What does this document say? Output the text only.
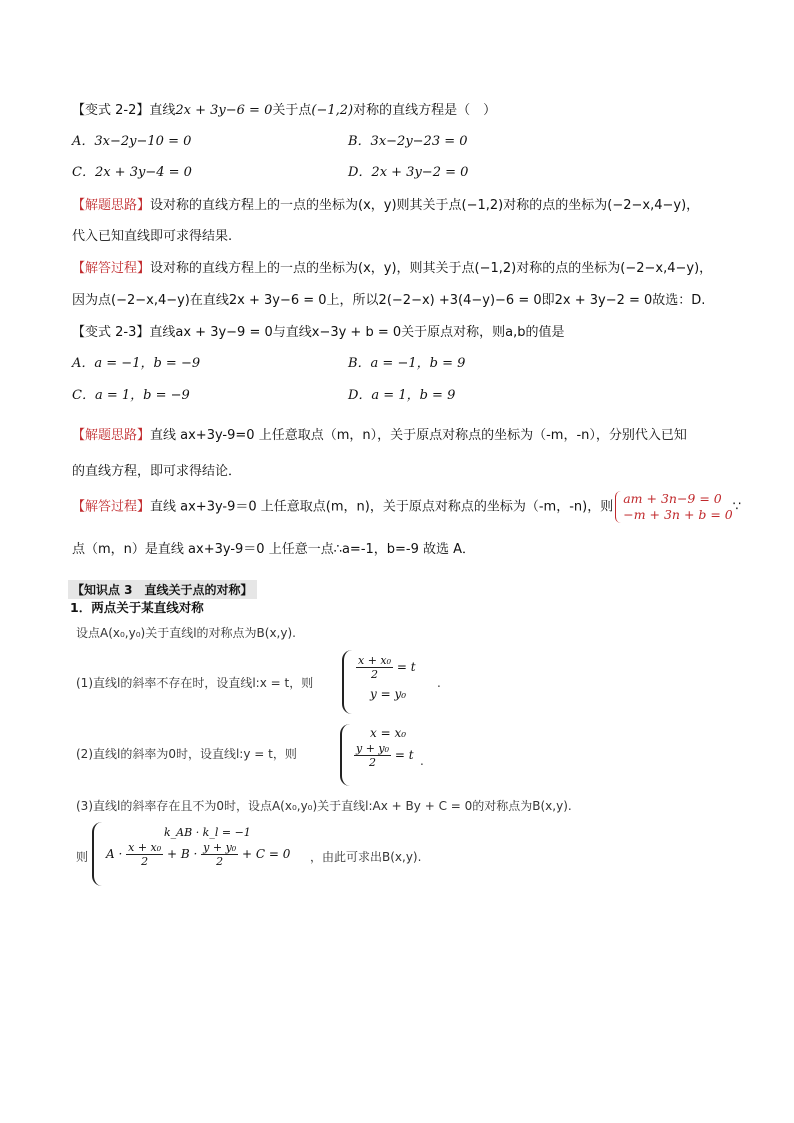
【变式 2-2】直线2x + 3y−6 = 0关于点(−1,2)对称的直线方程是（　）
A．3x−2y−10 = 0	B．3x−2y−23 = 0
C．2x + 3y−4 = 0	D．2x + 3y−2 = 0
【解题思路】设对称的直线方程上的一点的坐标为(x，y)则其关于点(−1,2)对称的点的坐标为(−2−x,4−y)，
代入已知直线即可求得结果.
【解答过程】设对称的直线方程上的一点的坐标为(x，y)，则其关于点(−1,2)对称的点的坐标为(−2−x,4−y)，
因为点(−2−x,4−y)在直线2x + 3y−6 = 0上，所以2(−2−x) +3(4−y)−6 = 0即2x + 3y−2 = 0故选：D.
【变式 2-3】直线ax + 3y−9 = 0与直线x−3y + b = 0关于原点对称，则a,b的值是
A．a = −1，b = −9	B．a = −1，b = 9
C．a = 1，b = −9	D．a = 1，b = 9
【解题思路】直线 ax+3y-9=0 上任意取点（m，n），关于原点对称点的坐标为（-m，-n），分别代入已知
的直线方程，即可求得结论．
【解答过程】直线 ax+3y-9＝0 上任意取点(m，n)，关于原点对称点的坐标为（-m，-n)，则
am + 3n−9 = 0
−m + 3n + b = 0 ∵
点（m，n）是直线 ax+3y-9＝0 上任意一点∴a=-1，b=-9 故选 A．
【知识点 3　直线关于点的对称】
1．两点关于某直线对称
设点A(x₀,y₀)关于直线l的对称点为B(x,y).
(1)直线l的斜率不存在时，设直线l:x = t，则
$\frac{\text{x + x₀}}{2} = t$
y = y₀
.
(2)直线l的斜率为0时，设直线l:y = t，则
x = x₀
$\frac{\text{y + y₀}}{2} = t$ .
(3)直线l的斜率存在且不为0时，设点A(x₀,y₀)关于直线l:Ax + By + C = 0的对称点为B(x,y).
则
k_AB · k_l = −1
$A \cdot \frac{\text{x + x₀}}{2} + B \cdot \frac{\text{y + y₀}}{2} + C = 0$ ，由此可求出B(x,y).
